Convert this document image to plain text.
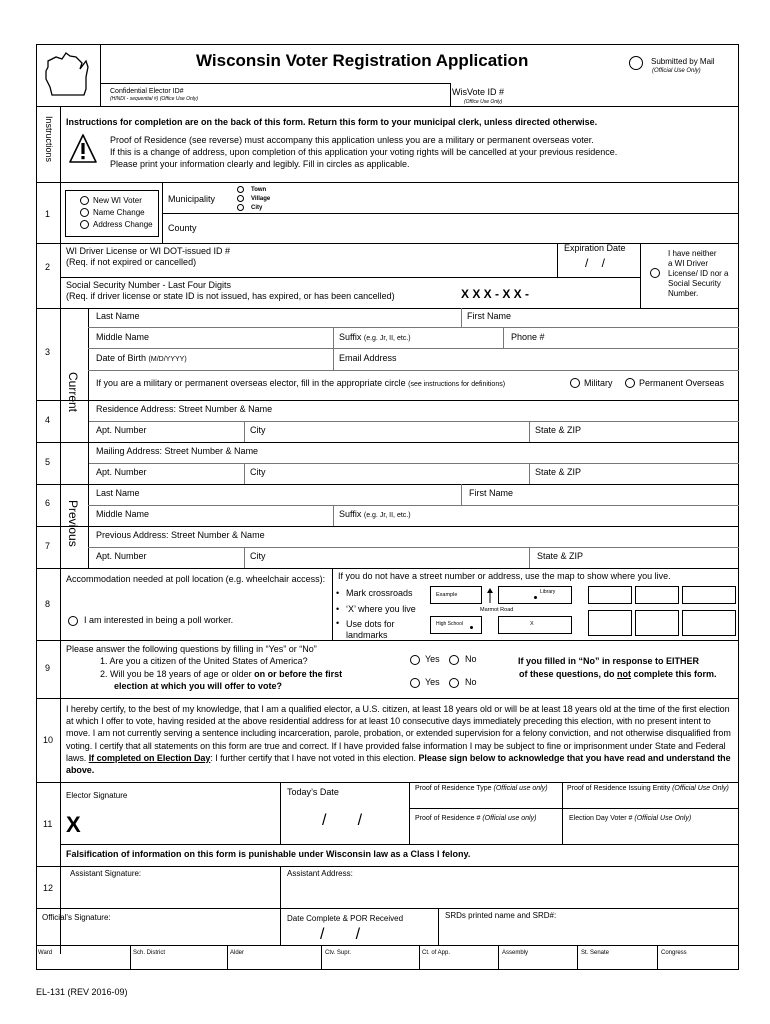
Wisconsin Voter Registration Application	Submitted by Mail
(Official Use Only)
Confidential Elector ID#
(HINDI - sequential #) (Office Use Only)
WisVote ID #
(Office Use Only)
Instructions Instructions for completion are on the back of this form. Return this form to your municipal clerk, unless directed otherwise.
Proof of Residence (see reverse) must accompany this application unless you are a military or permanent overseas voter.
If this is a change of address, upon completion of this application your voting rights will be cancelled at your previous residence.
Please print your information clearly and legibly. Fill in circles as applicable.
1
New WI Voter
Name Change
Address Change
Municipality
Town
Village
City
County
2
WI Driver License or WI DOT-issued ID #
(Req. if not expired or cancelled)
Expiration Date
/    /
Social Security Number - Last Four Digits
(Req. if driver license or state ID is not issued, has expired, or has been cancelled)	X X X - X X -
I have neither
a WI Driver
License/ ID nor a
Social Security
Number.
3
Current
Last Name	First Name
Middle Name	Suffix (e.g. Jr, II, etc.)	Phone #
Date of Birth (M/D/YYYY)	Email Address
If you are a military or permanent overseas elector, fill in the appropriate circle (see instructions for definitions)	Military	Permanent Overseas
4
Residence Address: Street Number & Name
Apt. Number	City	State & ZIP
5
Mailing Address: Street Number & Name
Apt. Number	City	State & ZIP
6 Previous
Last Name	First Name
Middle Name	Suffix (e.g. Jr, II, etc.)
7
Previous Address: Street Number & Name
Apt. Number	City	State & ZIP
8
Accommodation needed at poll location (e.g. wheelchair access):
I am interested in being a poll worker.
If you do not have a street number or address, use the map to show where you live.
• Mark crossroads
• ‘X’ where you live
• Use dots for landmarks
Example	Library
Marmot Road
High School	X
9
Please answer the following questions by filling in “Yes” or “No”
1. Are you a citizen of the United States of America?
2. Will you be 18 years of age or older on or before the first
election at which you will offer to vote?
Yes	No
Yes	No
If you filled in “No” in response to EITHER
of these questions, do not complete this form.
10
I hereby certify, to the best of my knowledge, that I am a qualified elector, a U.S. citizen, at least 18 years old or will be at least 18 years old at the time of the first election at which I offer to vote, having resided at the above residential address for at least 10 consecutive days immediately preceding this election, with no present intent to move. I am not currently serving a sentence including incarceration, parole, probation, or extended supervision for a felony conviction, and not otherwise disqualified from voting. I certify that all statements on this form are true and correct. If I have provided false information I may be subject to fine or imprisonment under State and Federal laws. If completed on Election Day: I further certify that I have not voted in this election. Please sign below to acknowledge that you have read and understand the above.
11
Elector Signature
X
Today’s Date
/       /
Proof of Residence Type (Official use only)	Proof of Residence Issuing Entity (Official Use Only)
Proof of Residence # (Official use only)	Election Day Voter # (Official Use Only)
Falsification of information on this form is punishable under Wisconsin law as a Class I felony.
12
Assistant Signature:	Assistant Address:
Official’s Signature:	Date Complete & POR Received	SRDs printed name and SRD#:
/       /
Ward	Sch. District	Alder	Ctv. Supr.	Ct. of App.	Assembly	St. Senate	Congress
EL-131 (REV 2016-09)
